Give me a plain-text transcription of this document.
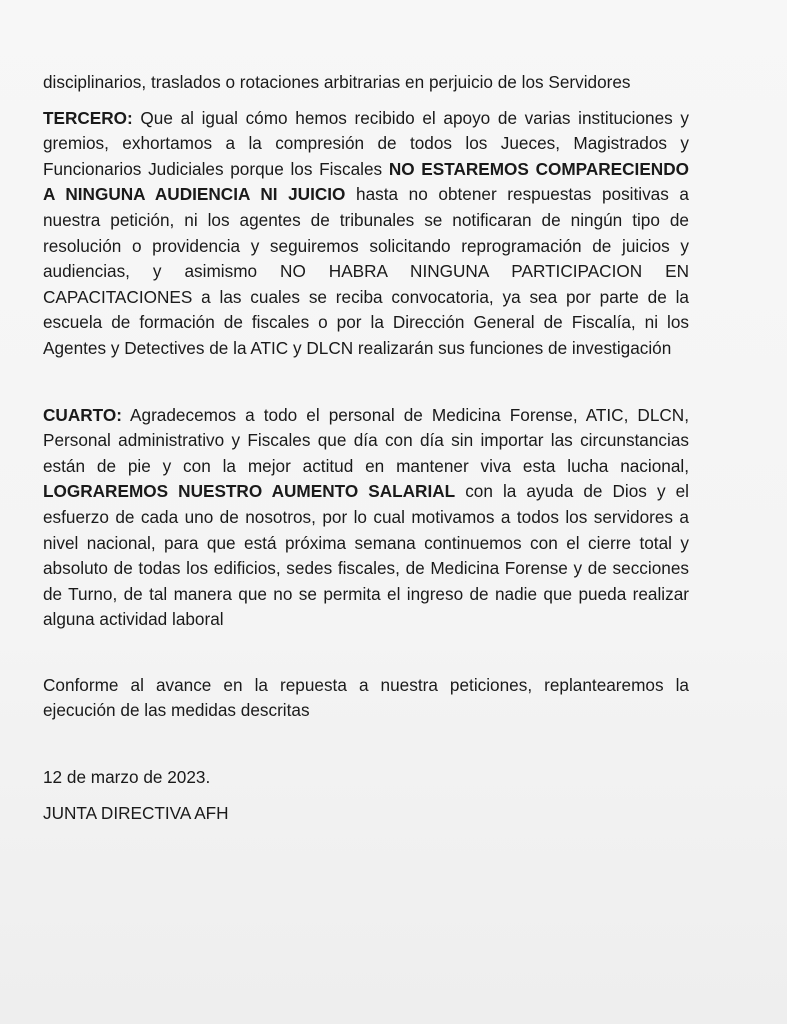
disciplinarios, traslados o rotaciones arbitrarias en perjuicio de los Servidores

TERCERO: Que al igual cómo hemos recibido el apoyo de varias instituciones y gremios, exhortamos a la compresión de todos los Jueces, Magistrados y Funcionarios Judiciales porque los Fiscales NO ESTAREMOS COMPARECIENDO A NINGUNA AUDIENCIA NI JUICIO hasta no obtener respuestas positivas a nuestra petición, ni los agentes de tribunales se notificaran de ningún tipo de resolución o providencia y seguiremos solicitando reprogramación de juicios y audiencias, y asimismo NO HABRA NINGUNA PARTICIPACION EN CAPACITACIONES a las cuales se reciba convocatoria, ya sea por parte de la escuela de formación de fiscales o por la Dirección General de Fiscalía, ni los Agentes y Detectives de la ATIC y DLCN realizarán sus funciones de investigación

CUARTO: Agradecemos a todo el personal de Medicina Forense, ATIC, DLCN, Personal administrativo y Fiscales que día con día sin importar las circunstancias están de pie y con la mejor actitud en mantener viva esta lucha nacional, LOGRAREMOS NUESTRO AUMENTO SALARIAL con la ayuda de Dios y el esfuerzo de cada uno de nosotros, por lo cual motivamos a todos los servidores a nivel nacional, para que está próxima semana continuemos con el cierre total y absoluto de todas los edificios, sedes fiscales, de Medicina Forense y de secciones de Turno, de tal manera que no se permita el ingreso de nadie que pueda realizar alguna actividad laboral

Conforme al avance en la repuesta a nuestra peticiones, replantearemos la ejecución de las medidas descritas

12 de marzo de 2023.

JUNTA DIRECTIVA AFH
